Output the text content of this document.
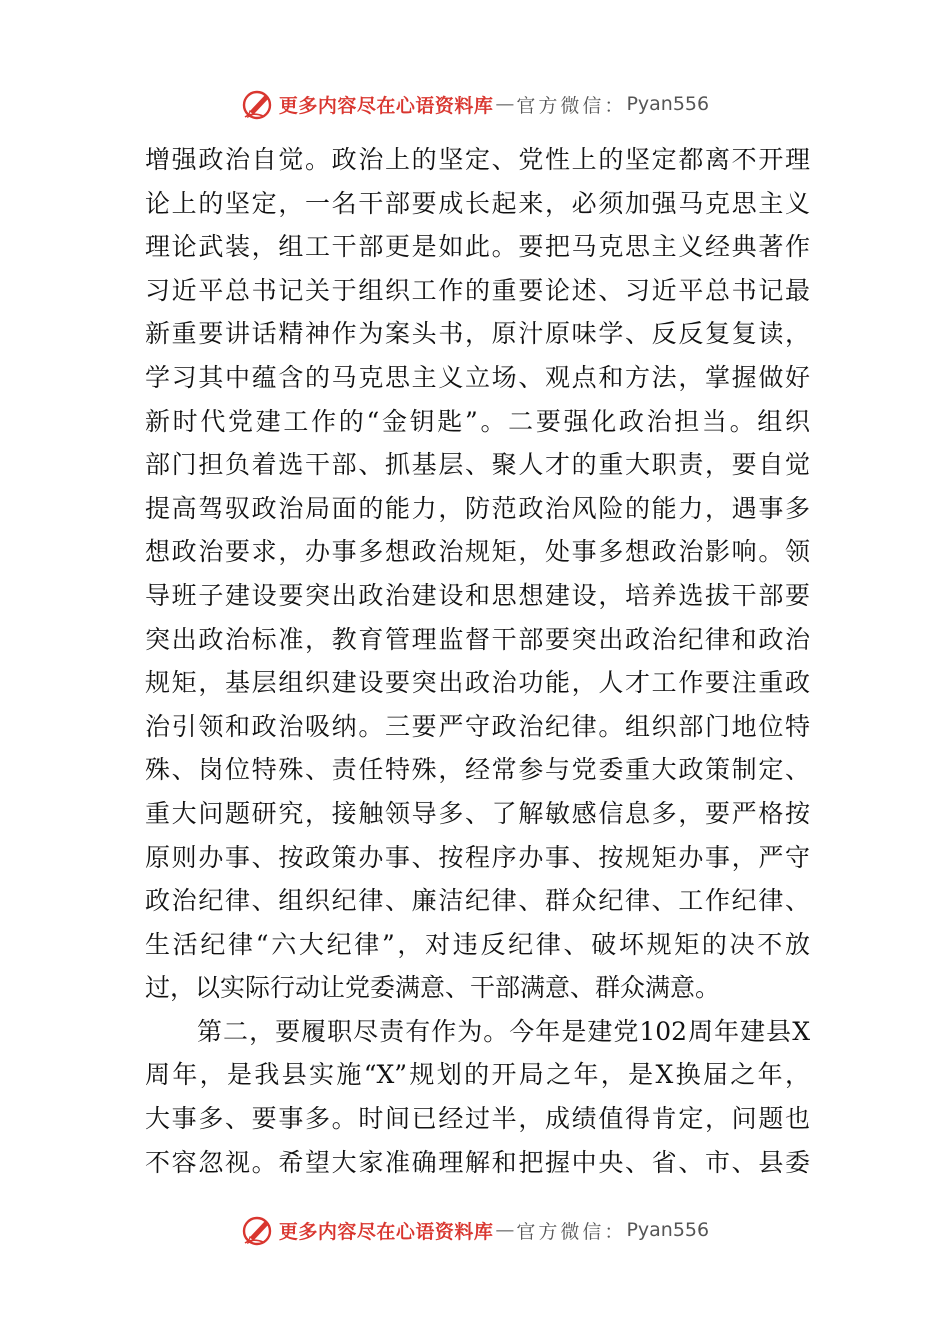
更多内容尽在心语资料库 — 官方微信： Pyan556
增强政治自觉。政治上的坚定、党性上的坚定都离不开理
论上的坚定，一名干部要成长起来，必须加强马克思主义
理论武装，组工干部更是如此。要把马克思主义经典著作
习近平总书记关于组织工作的重要论述、习近平总书记最
新重要讲话精神作为案头书，原汁原味学、反反复复读，
学习其中蕴含的马克思主义立场、观点和方法，掌握做好
新时代党建工作的“金钥匙”。二要强化政治担当。组织
部门担负着选干部、抓基层、聚人才的重大职责，要自觉
提高驾驭政治局面的能力，防范政治风险的能力，遇事多
想政治要求，办事多想政治规矩，处事多想政治影响。领
导班子建设要突出政治建设和思想建设，培养选拔干部要
突出政治标准，教育管理监督干部要突出政治纪律和政治
规矩，基层组织建设要突出政治功能，人才工作要注重政
治引领和政治吸纳。三要严守政治纪律。组织部门地位特
殊、岗位特殊、责任特殊，经常参与党委重大政策制定、
重大问题研究，接触领导多、了解敏感信息多，要严格按
原则办事、按政策办事、按程序办事、按规矩办事，严守
政治纪律、组织纪律、廉洁纪律、群众纪律、工作纪律、
生活纪律“六大纪律”，对违反纪律、破坏规矩的决不放
过，以实际行动让党委满意、干部满意、群众满意。
　　第二，要履职尽责有作为。今年是建党102周年建县X
周年，是我县实施“X”规划的开局之年，是X换届之年，
大事多、要事多。时间已经过半，成绩值得肯定，问题也
不容忽视。希望大家准确理解和把握中央、省、市、县委
更多内容尽在心语资料库 — 官方微信： Pyan556
